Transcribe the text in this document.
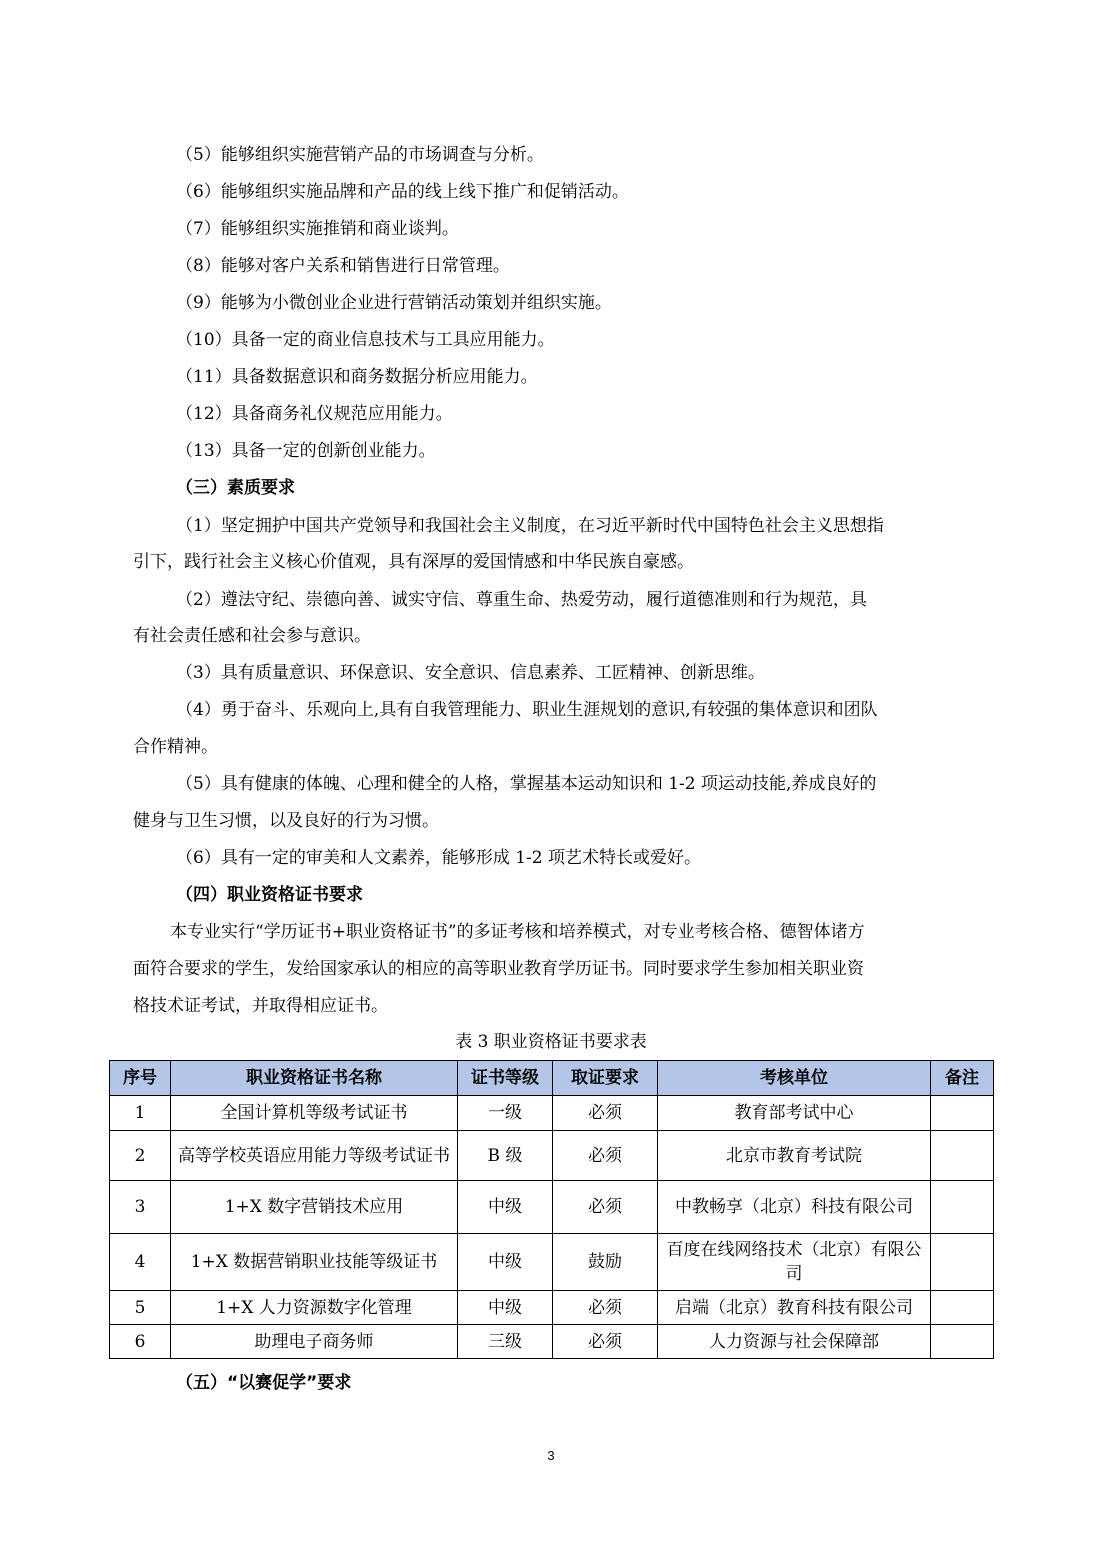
（5）能够组织实施营销产品的市场调查与分析。
（6）能够组织实施品牌和产品的线上线下推广和促销活动。
（7）能够组织实施推销和商业谈判。
（8）能够对客户关系和销售进行日常管理。
（9）能够为小微创业企业进行营销活动策划并组织实施。
（10）具备一定的商业信息技术与工具应用能力。
（11）具备数据意识和商务数据分析应用能力。
（12）具备商务礼仪规范应用能力。
（13）具备一定的创新创业能力。
（三）素质要求
（1）坚定拥护中国共产党领导和我国社会主义制度，在习近平新时代中国特色社会主义思想指
引下，践行社会主义核心价值观，具有深厚的爱国情感和中华民族自豪感。
（2）遵法守纪、崇德向善、诚实守信、尊重生命、热爱劳动，履行道德准则和行为规范，具
有社会责任感和社会参与意识。
（3）具有质量意识、环保意识、安全意识、信息素养、工匠精神、创新思维。
（4）勇于奋斗、乐观向上,具有自我管理能力、职业生涯规划的意识,有较强的集体意识和团队
合作精神。
（5）具有健康的体魄、心理和健全的人格，掌握基本运动知识和 1-2 项运动技能,养成良好的
健身与卫生习惯，以及良好的行为习惯。
（6）具有一定的审美和人文素养，能够形成 1-2 项艺术特长或爱好。
（四）职业资格证书要求
本专业实行“学历证书+职业资格证书”的多证考核和培养模式，对专业考核合格、德智体诸方
面符合要求的学生，发给国家承认的相应的高等职业教育学历证书。同时要求学生参加相关职业资
格技术证考试，并取得相应证书。
表 3 职业资格证书要求表
序号	职业资格证书名称	证书等级	取证要求	考核单位	备注
1	全国计算机等级考试证书	一级	必须	教育部考试中心	
2	高等学校英语应用能力等级考试证书	B 级	必须	北京市教育考试院	
3	1+X 数字营销技术应用	中级	必须	中教畅享（北京）科技有限公司	
4	1+X 数据营销职业技能等级证书	中级	鼓励	百度在线网络技术（北京）有限公司	
5	1+X 人力资源数字化管理	中级	必须	启端（北京）教育科技有限公司	
6	助理电子商务师	三级	必须	人力资源与社会保障部	
（五）“以赛促学”要求
3
